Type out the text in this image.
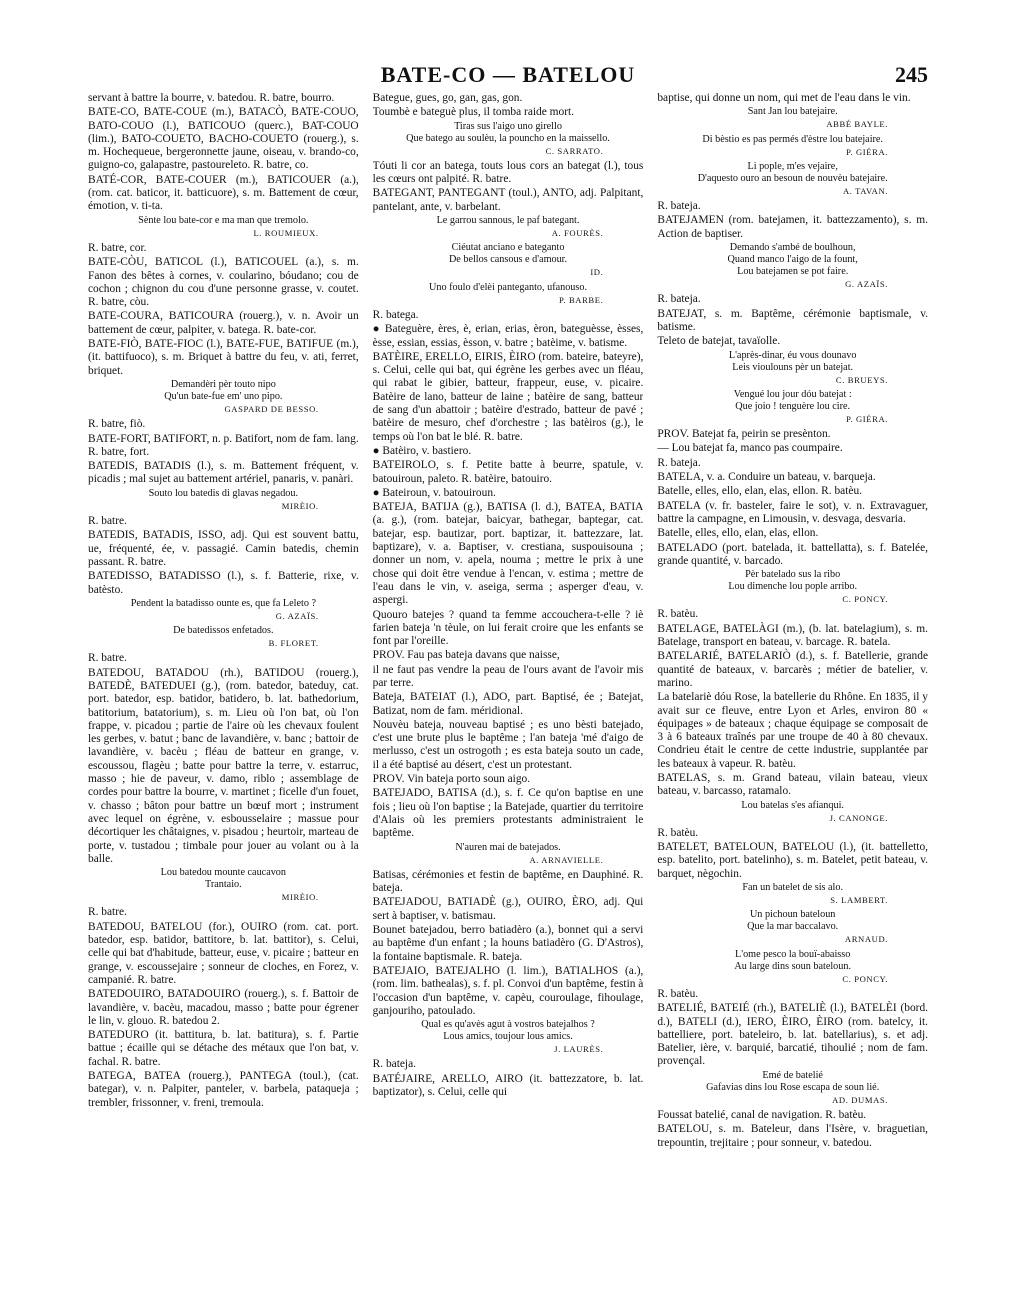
BATE-CO — BATELOU	245

servant à battre la bourre, v. batedou. R. batre, bourro.

BATE-CO, BATE-COUE (m.), BATACÒ, BATE-COUO, BATO-COUO (l.), BATICOUO (querc.), BAT-COUO (lim.), BATO-COUETO, BACHO-COUETO (rouerg.), s. m. Hochequeue, bergeronnette jaune, oiseau, v. brando-co, guigno-co, galapastre, pastoureleto. R. batre, co.

BATÉ-COR, BATE-COUER (m.), BATICOUER (a.), (rom. cat. baticor, it. batticuore), s. m. Battement de cœur, émotion, v. ti-ta.

Sènte lou bate-cor e ma man que tremolo.

L. ROUMIEUX.

R. batre, cor.

BATE-CÒU, BATICOL (l.), BATICOUEL (a.), s. m. Fanon des bêtes à cornes, v. coularino, bóudano; cou de cochon ; chignon du cou d'une personne grasse, v. coutet. R. batre, còu.

BATE-COURA, BATICOURA (rouerg.), v. n. Avoir un battement de cœur, palpiter, v. batega. R. bate-cor.

BATE-FIÒ, BATE-FIOC (l.), BATE-FUE, BATIFUE (m.), (it. battifuoco), s. m. Briquet à battre du feu, v. ati, ferret, briquet.

Demandèri pèr touto nipo

Qu'un bate-fue em' uno pipo.

GASPARD DE BESSO.

R. batre, fiò.

BATE-FORT, BATIFORT, n. p. Batifort, nom de fam. lang. R. batre, fort.

BATEDIS, BATADIS (l.), s. m. Battement fréquent, v. picadis ; mal sujet au battement artériel, panaris, v. panàri.

Souto lou batedis di glavas negadou.

MIRÈIO.

R. batre.

BATEDIS, BATADIS, ISSO, adj. Qui est souvent battu, ue, fréquenté, ée, v. passagié. Camin batedis, chemin passant. R. batre.

BATEDISSO, BATADISSO (l.), s. f. Batterie, rixe, v. batèsto.

Pendent la batadisso ounte es, que fa Leleto ?

G. AZAÏS.

De batedissos enfetados.

B. FLORET.

R. batre.

BATEDOU, BATADOU (rh.), BATIDOU (rouerg.), BATEDÈ, BATEDUEI (g.), (rom. batedor, bateduy, cat. port. batedor, esp. batidor, batidero, b. lat. bathedorium, batitorium, batatorium), s. m. Lieu où l'on bat, où l'on frappe, v. picadou ; partie de l'aire où les chevaux foulent les gerbes, v. batut ; banc de lavandière, v. banc ; battoir de lavandière, v. bacèu ; fléau de batteur en grange, v. escoussou, flagèu ; batte pour battre la terre, v. estarruc, masso ; hie de paveur, v. damo, riblo ; assemblage de cordes pour battre la bourre, v. martinet ; ficelle d'un fouet, v. chasso ; bâton pour battre un bœuf mort ; instrument avec lequel on égrène, v. esbousselaire ; massue pour décortiquer les châtaignes, v. pisadou ; heurtoir, marteau de porte, v. tustadou ; timbale pour jouer au volant ou à la balle.

Lou batedou mounte caucavon

Trantaio.

MIRÈIO.

R. batre.

BATEDOU, BATELOU (for.), OUIRO (rom. cat. port. batedor, esp. batidor, battitore, b. lat. battitor), s. Celui, celle qui bat d'habitude, batteur, euse, v. picaire ; batteur en grange, v. escoussejaire ; sonneur de cloches, en Forez, v. campanié. R. batre.

BATEDOUIRO, BATADOUIRO (rouerg.), s. f. Battoir de lavandière, v. bacèu, macadou, masso ; batte pour égrener le lin, v. glouo. R. batedou 2.

BATEDURO (it. battitura, b. lat. batitura), s. f. Partie battue ; écaille qui se détache des métaux que l'on bat, v. fachal. R. batre.

BATEGA, BATEA (rouerg.), PANTEGA (toul.), (cat. bategar), v. n. Palpiter, panteler, v. barbela, pataqueja ; trembler, frissonner, v. freni, tremoula.

Bategue, gues, go, gan, gas, gon.

Toumbè e bateguè plus, il tomba raide mort.

Tiras sus l'aigo uno girello

Que batego au soulèu, la pouncho en la maissello.

C. SARRATO.

Tóuti li cor an batega, touts lous cors an bategat (l.), tous les cœurs ont palpité. R. batre.

BATEGANT, PANTEGANT (toul.), ANTO, adj. Palpitant, pantelant, ante, v. barbelant.

Le garrou sannous, le paf bategant.

A. FOURÈS.

Ciéutat anciano e bateganto

De bellos cansous e d'amour.

ID.

Uno foulo d'elèi panteganto, ufanouso.

P. BARBE.

R. batega.

● Bateguère, ères, è, erian, erias, èron, bateguèsse, èsses, èsse, essian, essias, èsson, v. batre ; batèime, v. batisme.

BATÈIRE, ERELLO, EIRIS, ÈIRO (rom. bateire, bateyre), s. Celui, celle qui bat, qui égrène les gerbes avec un fléau, qui rabat le gibier, batteur, frappeur, euse, v. picaire. Batèire de lano, batteur de laine ; batèire de sang, batteur de sang d'un abattoir ; batèire d'estrado, batteur de pavé ; batèire de mesuro, chef d'orchestre ; las batèiros (g.), le temps où l'on bat le blé. R. batre.

● Batèiro, v. bastiero.

BATEIROLO, s. f. Petite batte à beurre, spatule, v. batouiroun, paleto. R. batèire, batouiro.

● Bateiroun, v. batouiroun.

BATEJA, BATIJA (g.), BATISA (l. d.), BATEA, BATIA (a. g.), (rom. batejar, baicyar, bathegar, baptegar, cat. batejar, esp. bautizar, port. baptizar, it. battezzare, lat. baptizare), v. a. Baptiser, v. crestiana, suspouisouna ; donner un nom, v. apela, nouma ; mettre le prix à une chose qui doit être vendue à l'encan, v. estima ; mettre de l'eau dans le vin, v. aseiga, serma ; asperger d'eau, v. aspergi.

Quouro batejes ? quand ta femme accouchera-t-elle ? iè farien bateja 'n tèule, on lui ferait croire que les enfants se font par l'oreille.

PROV. Fau pas bateja davans que naisse,

il ne faut pas vendre la peau de l'ours avant de l'avoir mis par terre.

Bateja, BATEIAT (l.), ADO, part. Baptisé, ée ; Batejat, Batizat, nom de fam. méridional.

Nouvèu bateja, nouveau baptisé ; es uno bèsti batejado, c'est une brute plus le baptême ; l'an bateja 'mé d'aigo de merlusso, c'est un ostrogoth ; es esta bateja souto un cade, il a été baptisé au désert, c'est un protestant.

PROV. Vin bateja porto soun aigo.

BATEJADO, BATISA (d.), s. f. Ce qu'on baptise en une fois ; lieu où l'on baptise ; la Batejade, quartier du territoire d'Alais où les premiers protestants administraient le baptême.

N'auren mai de batejados.

A. ARNAVIELLE.

Batisas, cérémonies et festin de baptême, en Dauphiné. R. bateja.

BATEJADOU, BATIADÈ (g.), OUIRO, ÈRO, adj. Qui sert à baptiser, v. batismau.

Bounet batejadou, berro batiadèro (a.), bonnet qui a servi au baptême d'un enfant ; la houns batiadèro (G. D'Astros), la fontaine baptismale. R. bateja.

BATEJAIO, BATEJALHO (l. lim.), BATIALHOS (a.), (rom. lim. bathealas), s. f. pl. Convoi d'un baptême, festin à l'occasion d'un baptême, v. capèu, couroulage, fihoulage, ganjouriho, patoulado.

Qual es qu'avès agut à vostros batejalhos ?

Lous amics, toujour lous amics.

J. LAURÈS.

R. bateja.

BATÉJAIRE, ARELLO, AIRO (it. battezzatore, b. lat. baptizator), s. Celui, celle qui

baptise, qui donne un nom, qui met de l'eau dans le vin.

Sant Jan lou batejaire.

ABBÉ BAYLE.

Di bèstio es pas permés d'èstre lou batejaire.

P. GIÉRA.

Li pople, m'es vejaire,

D'aquesto ouro an besoun de nouvèu batejaire.

A. TAVAN.

R. bateja.

BATEJAMEN (rom. batejamen, it. battezzamento), s. m. Action de baptiser.

Demando s'ambé de boulhoun,

Quand manco l'aigo de la fount,

Lou batejamen se pot faire.

G. AZAÏS.

R. bateja.

BATEJAT, s. m. Baptême, cérémonie baptismale, v. batisme.

Teleto de batejat, tavaïolle.

L'après-dinar, éu vous dounavo

Leis vioulouns pèr un batejat.

C. BRUEYS.

Vengué lou jour dóu batejat :

Que joio ! tenguère lou cire.

P. GIÉRA.

PROV. Batejat fa, peirin se presènton.

— Lou batejat fa, manco pas coumpaire.

R. bateja.

BATELA, v. a. Conduire un bateau, v. barqueja.

Batelle, elles, ello, elan, elas, ellon. R. batèu.

BATELA (v. fr. basteler, faire le sot), v. n. Extravaguer, battre la campagne, en Limousin, v. desvaga, desvaria.

Batelle, elles, ello, elan, elas, ellon.

BATELADO (port. batelada, it. battellatta), s. f. Batelée, grande quantité, v. barcado.

Pèr batelado sus la ribo

Lou dimenche lou pople arribo.

C. PONCY.

R. batèu.

BATELAGE, BATELÀGI (m.), (b. lat. batelagium), s. m. Batelage, transport en bateau, v. barcage. R. batela.

BATELARIÉ, BATELARIÒ (d.), s. f. Batellerie, grande quantité de bateaux, v. barcarès ; métier de batelier, v. marino.

La batelariè dóu Rose, la batellerie du Rhône. En 1835, il y avait sur ce fleuve, entre Lyon et Arles, environ 80 « équipages » de bateaux ; chaque équipage se composait de 3 à 6 bateaux traînés par une troupe de 40 à 80 chevaux. Condrieu était le centre de cette industrie, supplantée par les bateaux à vapeur. R. batèu.

BATELAS, s. m. Grand bateau, vilain bateau, vieux bateau, v. barcasso, ratamalo.

Lou batelas s'es afianqui.

J. CANONGE.

R. batèu.

BATELET, BATELOUN, BATELOU (l.), (it. battelletto, esp. batelito, port. batelinho), s. m. Batelet, petit bateau, v. barquet, nègochin.

Fan un batelet de sis alo.

S. LAMBERT.

Un pichoun bateloun

Que la mar baccalavo.

ARNAUD.

L'ome pesco la bouï-abaisso

Au large dins soun bateloun.

C. PONCY.

R. batèu.

BATELIÉ, BATEIÉ (rh.), BATELIÈ (l.), BATELÈI (bord. d.), BATELI (d.), IERO, ÈIRO, ÈIRO (rom. batelcy, it. battelliere, port. bateleiro, b. lat. batellarius), s. et adj. Batelier, ière, v. barquié, barcatié, tihoulié ; nom de fam. provençal.

Emé de batelié

Gafavias dins lou Rose escapa de soun lié.

AD. DUMAS.

Foussat batelié, canal de navigation. R. batèu.

BATELOU, s. m. Bateleur, dans l'Isère, v. braguetian, trepountin, trejitaire ; pour sonneur, v. batedou.
